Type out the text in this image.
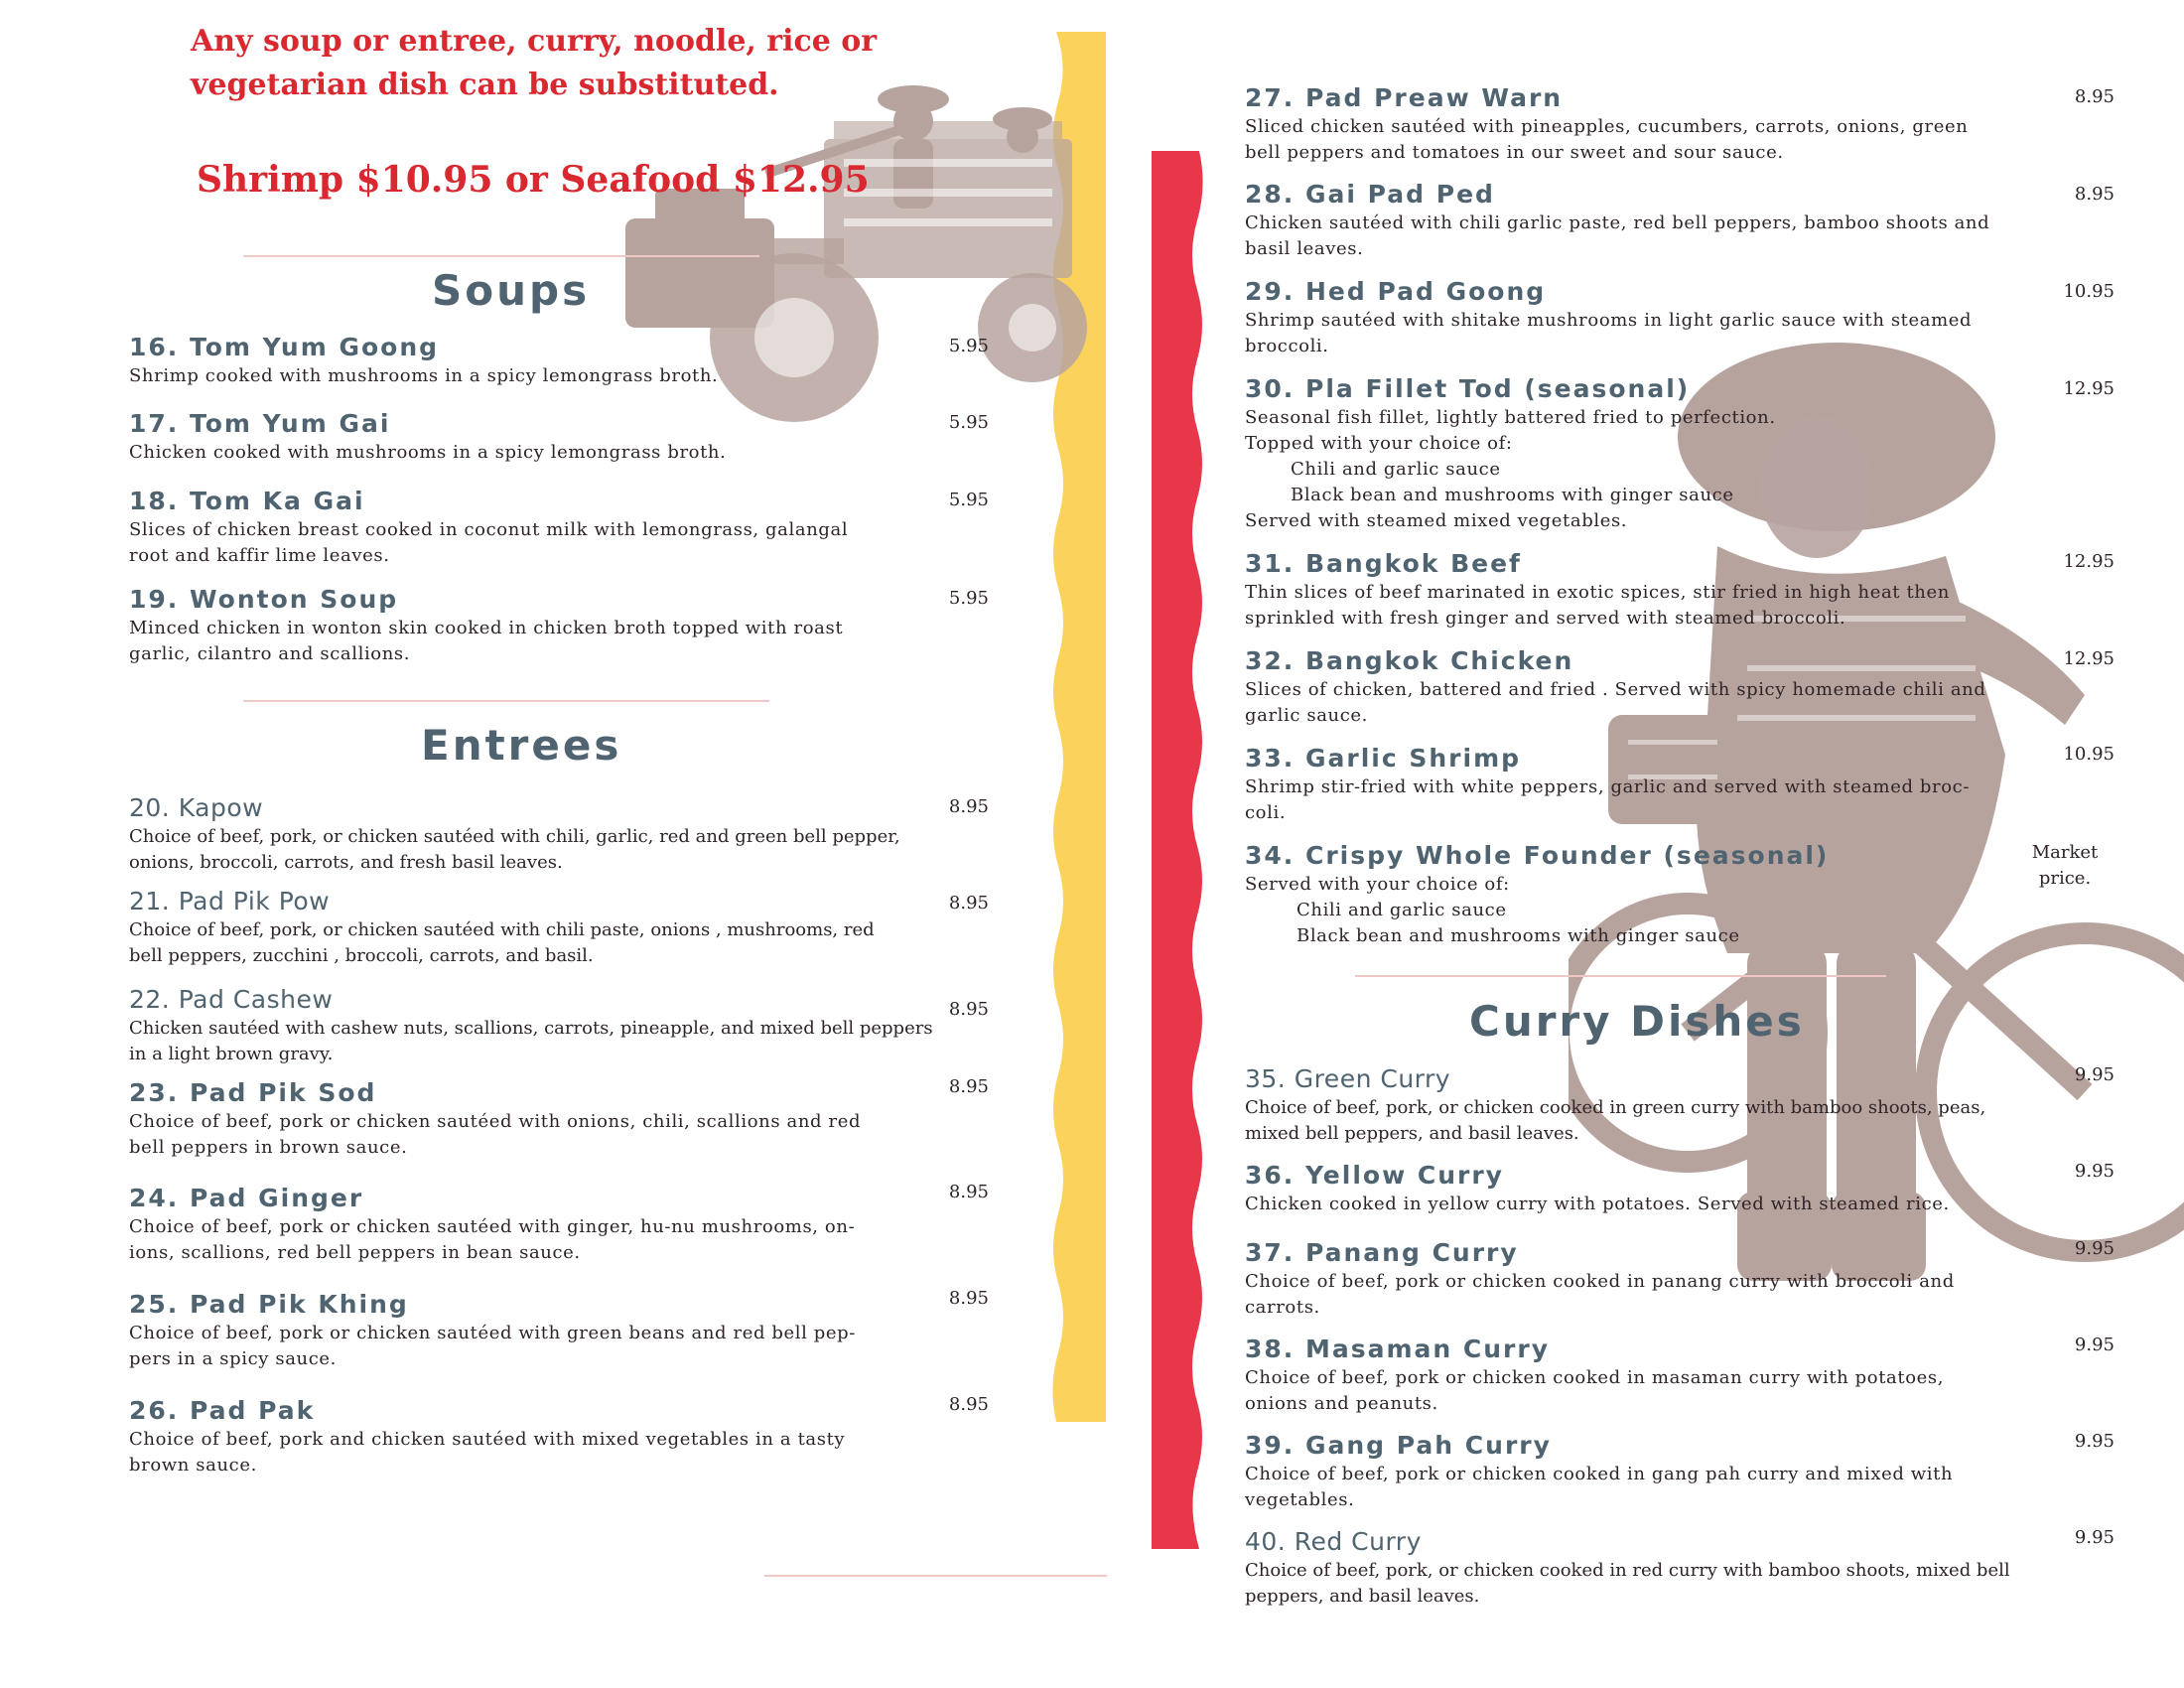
Any soup or entree, curry, noodle, rice or
vegetarian dish can be substituted.
Shrimp $10.95 or Seafood $12.95
Soups
16. Tom Yum Goong
Shrimp cooked with mushrooms in a spicy lemongrass broth.
5.95
17. Tom Yum Gai
Chicken cooked with mushrooms in a spicy lemongrass broth.
5.95
18. Tom Ka Gai
Slices of chicken breast cooked in coconut milk with lemongrass, galangal
root and kaffir lime leaves.
5.95
19. Wonton Soup
Minced chicken in wonton skin cooked in chicken broth topped with roast
garlic, cilantro and scallions.
5.95
Entrees
20. Kapow
Choice of beef, pork, or chicken sautéed with chili, garlic, red and green bell pepper,
onions, broccoli, carrots, and fresh basil leaves.
8.95
21. Pad Pik Pow
Choice of beef, pork, or chicken sautéed with chili paste, onions , mushrooms, red
bell peppers, zucchini , broccoli, carrots, and basil.
8.95
22. Pad Cashew
Chicken sautéed with cashew nuts, scallions, carrots, pineapple, and mixed bell peppers
in a light brown gravy.
8.95
23. Pad Pik Sod
Choice of beef, pork or chicken sautéed with onions, chili, scallions and red
bell peppers in brown sauce.
8.95
24. Pad Ginger
Choice of beef, pork or chicken sautéed with ginger, hu-nu mushrooms, on-
ions, scallions, red bell peppers in bean sauce.
8.95
25. Pad Pik Khing
Choice of beef, pork or chicken sautéed with green beans and red bell pep-
pers in a spicy sauce.
8.95
26. Pad Pak
Choice of beef, pork and chicken sautéed with mixed vegetables in a tasty
brown sauce.
8.95
27. Pad Preaw Warn
Sliced chicken sautéed with pineapples, cucumbers, carrots, onions, green
bell peppers and tomatoes in our sweet and sour sauce.
8.95
28. Gai Pad Ped
Chicken sautéed with chili garlic paste, red bell peppers, bamboo shoots and
basil leaves.
8.95
29. Hed Pad Goong
Shrimp sautéed with shitake mushrooms in light garlic sauce with steamed
broccoli.
10.95
30. Pla Fillet Tod (seasonal)
Seasonal fish fillet, lightly battered fried to perfection.
Topped with your choice of:
Chili and garlic sauce
Black bean and mushrooms with ginger sauce
Served with steamed mixed vegetables.
12.95
31. Bangkok Beef
Thin slices of beef marinated in exotic spices, stir fried in high heat then
sprinkled with fresh ginger and served with steamed broccoli.
12.95
32. Bangkok Chicken
Slices of chicken, battered and fried . Served with spicy homemade chili and
garlic sauce.
12.95
33. Garlic Shrimp
Shrimp stir-fried with white peppers, garlic and served with steamed broc-
coli.
10.95
34. Crispy Whole Founder (seasonal)
Served with your choice of:
Chili and garlic sauce
Black bean and mushrooms with ginger sauce
Market
price.
Curry Dishes
35. Green Curry
Choice of beef, pork, or chicken cooked in green curry with bamboo shoots, peas,
mixed bell peppers, and basil leaves.
9.95
36. Yellow Curry
Chicken cooked in yellow curry with potatoes. Served with steamed rice.
9.95
37. Panang Curry
Choice of beef, pork or chicken cooked in panang curry with broccoli and
carrots.
9.95
38. Masaman Curry
Choice of beef, pork or chicken cooked in masaman curry with potatoes,
onions and peanuts.
9.95
39. Gang Pah Curry
Choice of beef, pork or chicken cooked in gang pah curry and mixed with
vegetables.
9.95
40. Red Curry
Choice of beef, pork, or chicken cooked in red curry with bamboo shoots, mixed bell
peppers, and basil leaves.
9.95
